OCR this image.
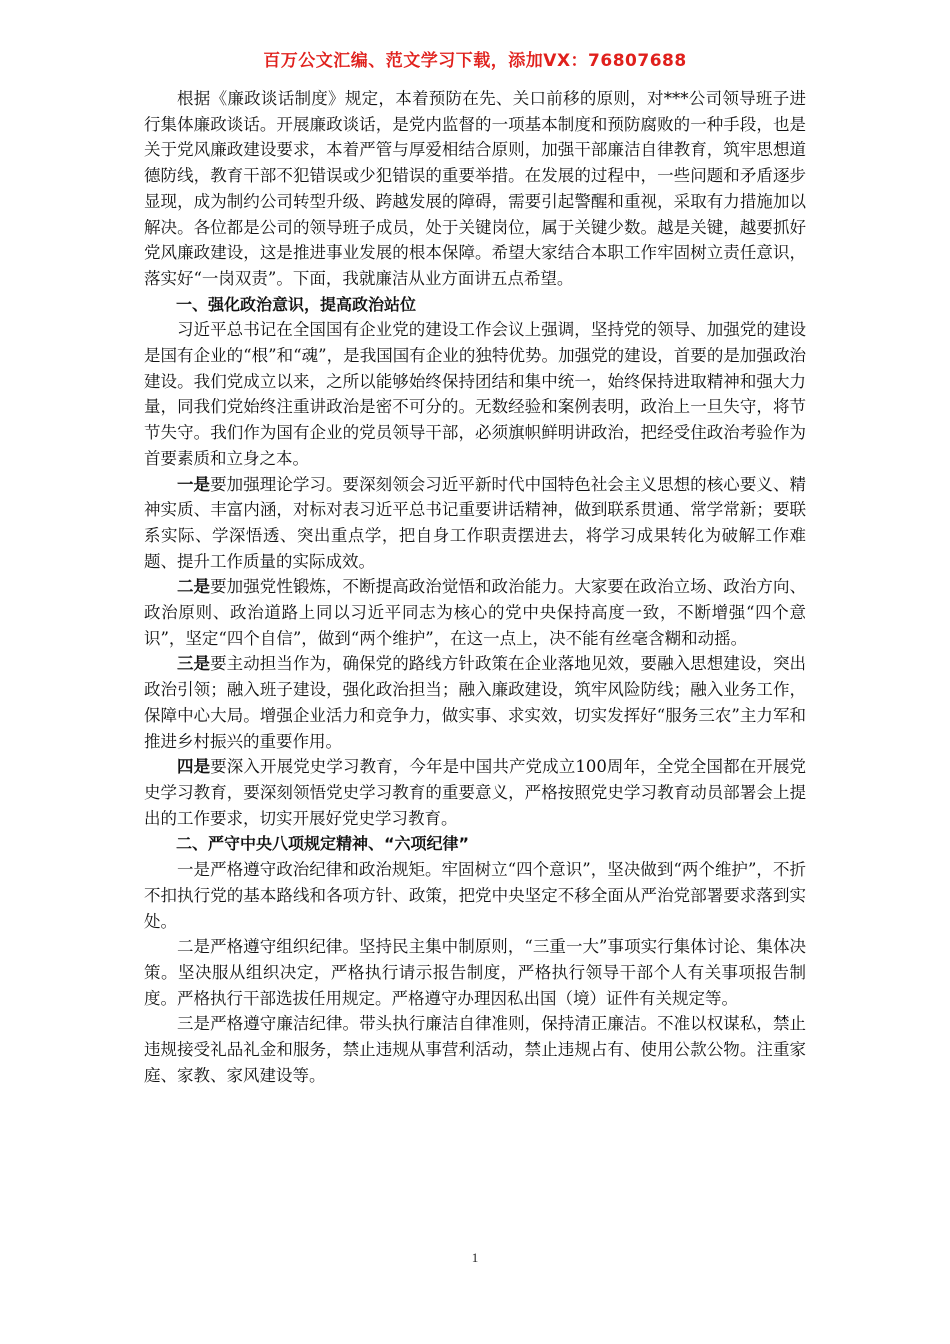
百万公文汇编、范文学习下载，添加VX：76807688

根据《廉政谈话制度》规定，本着预防在先、关口前移的原则，对***公司领导班子进行集体廉政谈话。开展廉政谈话，是党内监督的一项基本制度和预防腐败的一种手段，也是关于党风廉政建设要求，本着严管与厚爱相结合原则，加强干部廉洁自律教育，筑牢思想道德防线，教育干部不犯错误或少犯错误的重要举措。在发展的过程中，一些问题和矛盾逐步显现，成为制约公司转型升级、跨越发展的障碍，需要引起警醒和重视，采取有力措施加以解决。各位都是公司的领导班子成员，处于关键岗位，属于关键少数。越是关键，越要抓好党风廉政建设，这是推进事业发展的根本保障。希望大家结合本职工作牢固树立责任意识，落实好“一岗双责”。下面，我就廉洁从业方面讲五点希望。

一、强化政治意识，提高政治站位

习近平总书记在全国国有企业党的建设工作会议上强调，坚持党的领导、加强党的建设是国有企业的“根”和“魂”，是我国国有企业的独特优势。加强党的建设，首要的是加强政治建设。我们党成立以来，之所以能够始终保持团结和集中统一，始终保持进取精神和强大力量，同我们党始终注重讲政治是密不可分的。无数经验和案例表明，政治上一旦失守，将节节失守。我们作为国有企业的党员领导干部，必须旗帜鲜明讲政治，把经受住政治考验作为首要素质和立身之本。

一是要加强理论学习。要深刻领会习近平新时代中国特色社会主义思想的核心要义、精神实质、丰富内涵，对标对表习近平总书记重要讲话精神，做到联系贯通、常学常新；要联系实际、学深悟透、突出重点学，把自身工作职责摆进去，将学习成果转化为破解工作难题、提升工作质量的实际成效。

二是要加强党性锻炼，不断提高政治觉悟和政治能力。大家要在政治立场、政治方向、政治原则、政治道路上同以习近平同志为核心的党中央保持高度一致，不断增强“四个意识”，坚定“四个自信”，做到“两个维护”，在这一点上，决不能有丝毫含糊和动摇。

三是要主动担当作为，确保党的路线方针政策在企业落地见效，要融入思想建设，突出政治引领；融入班子建设，强化政治担当；融入廉政建设，筑牢风险防线；融入业务工作，保障中心大局。增强企业活力和竞争力，做实事、求实效，切实发挥好“服务三农”主力军和推进乡村振兴的重要作用。

四是要深入开展党史学习教育，今年是中国共产党成立100周年，全党全国都在开展党史学习教育，要深刻领悟党史学习教育的重要意义，严格按照党史学习教育动员部署会上提出的工作要求，切实开展好党史学习教育。

二、严守中央八项规定精神、“六项纪律”

一是严格遵守政治纪律和政治规矩。牢固树立“四个意识”，坚决做到“两个维护”，不折不扣执行党的基本路线和各项方针、政策，把党中央坚定不移全面从严治党部署要求落到实处。

二是严格遵守组织纪律。坚持民主集中制原则，“三重一大”事项实行集体讨论、集体决策。坚决服从组织决定，严格执行请示报告制度，严格执行领导干部个人有关事项报告制度。严格执行干部选拔任用规定。严格遵守办理因私出国（境）证件有关规定等。

三是严格遵守廉洁纪律。带头执行廉洁自律准则，保持清正廉洁。不准以权谋私，禁止违规接受礼品礼金和服务，禁止违规从事营利活动，禁止违规占有、使用公款公物。注重家庭、家教、家风建设等。

1
